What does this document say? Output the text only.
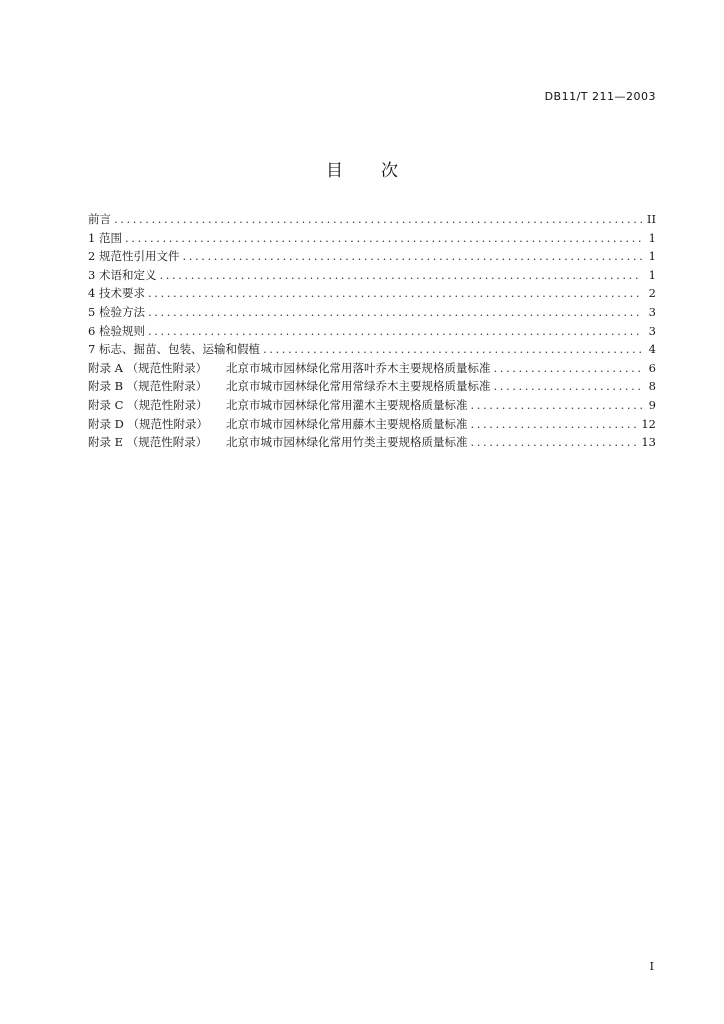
DB11/T 211—2003
目 次
前言 .....	II
1 范围 .....	1
2 规范性引用文件 .....	1
3 术语和定义 .....	1
4 技术要求 .....	2
5 检验方法 .....	3
6 检验规则 .....	3
7 标志、掘苗、包装、运输和假植 .....	4
附录 A （规范性附录） 北京市城市园林绿化常用落叶乔木主要规格质量标准 .....	6
附录 B （规范性附录） 北京市城市园林绿化常用常绿乔木主要规格质量标准 .....	8
附录 C （规范性附录） 北京市城市园林绿化常用灌木主要规格质量标准 .....	9
附录 D （规范性附录） 北京市城市园林绿化常用藤木主要规格质量标准 .....	12
附录 E （规范性附录） 北京市城市园林绿化常用竹类主要规格质量标准 .....	13
I
